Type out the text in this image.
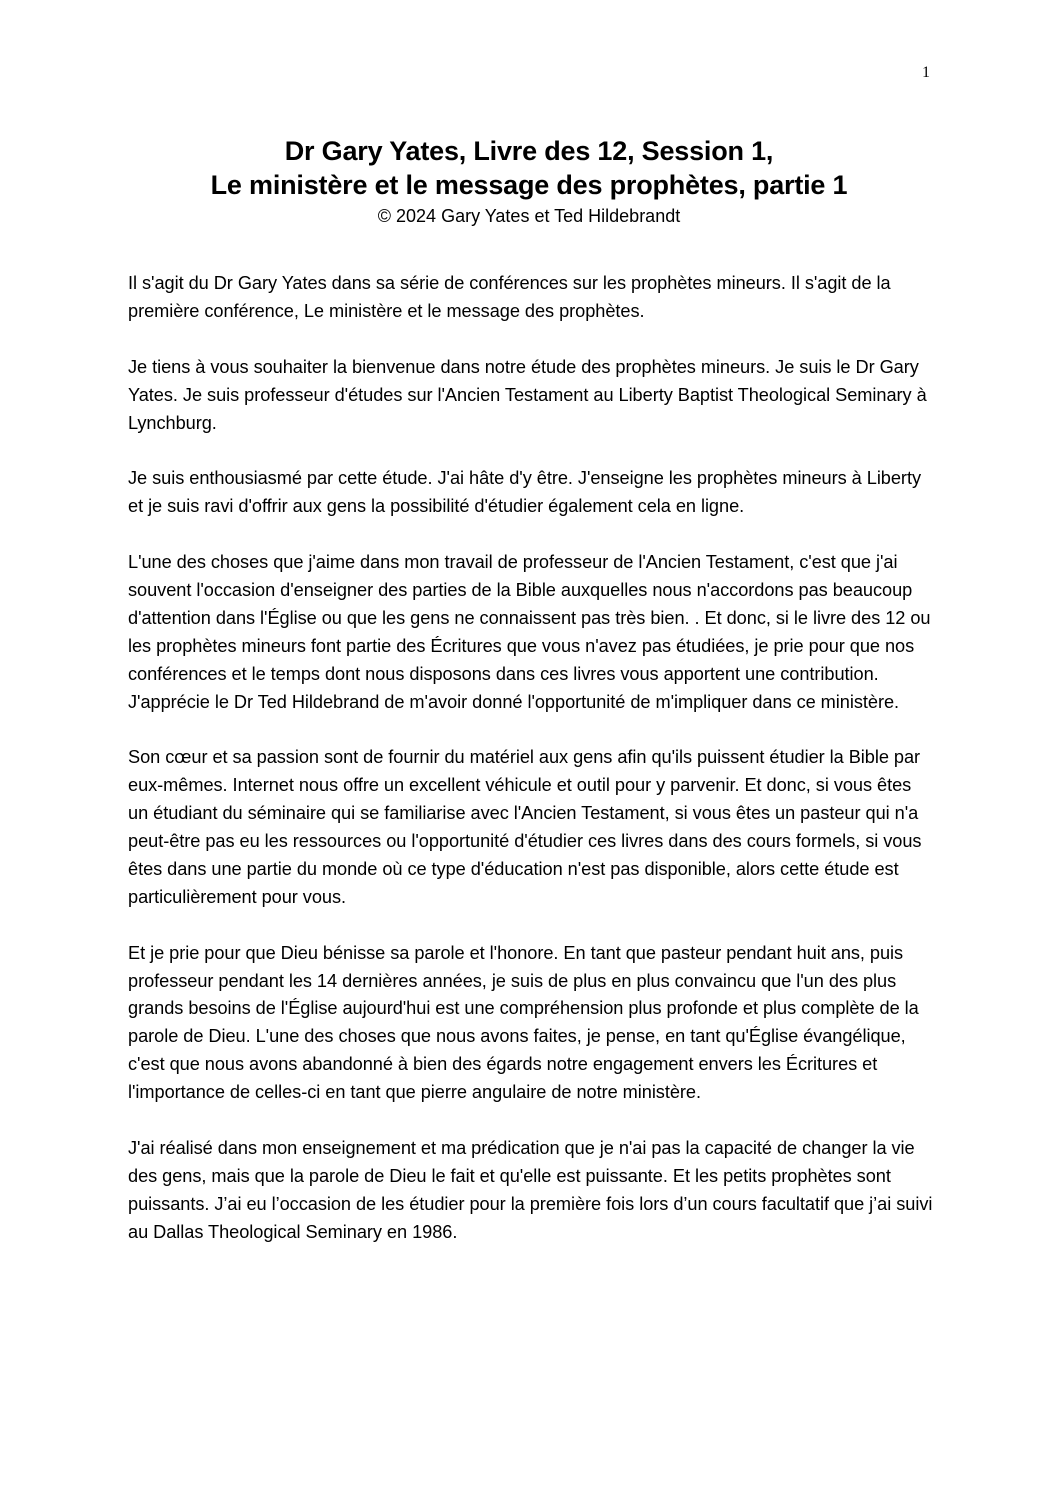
1
Dr Gary Yates, Livre des 12, Session 1,
Le ministère et le message des prophètes, partie 1
© 2024 Gary Yates et Ted Hildebrandt

Il s'agit du Dr Gary Yates dans sa série de conférences sur les prophètes mineurs. Il s'agit de la première conférence, Le ministère et le message des prophètes.

Je tiens à vous souhaiter la bienvenue dans notre étude des prophètes mineurs. Je suis le Dr Gary Yates. Je suis professeur d'études sur l'Ancien Testament au Liberty Baptist Theological Seminary à Lynchburg.

Je suis enthousiasmé par cette étude. J'ai hâte d'y être. J'enseigne les prophètes mineurs à Liberty et je suis ravi d'offrir aux gens la possibilité d'étudier également cela en ligne.

L'une des choses que j'aime dans mon travail de professeur de l'Ancien Testament, c'est que j'ai souvent l'occasion d'enseigner des parties de la Bible auxquelles nous n'accordons pas beaucoup d'attention dans l'Église ou que les gens ne connaissent pas très bien. . Et donc, si le livre des 12 ou les prophètes mineurs font partie des Écritures que vous n'avez pas étudiées, je prie pour que nos conférences et le temps dont nous disposons dans ces livres vous apportent une contribution. J'apprécie le Dr Ted Hildebrand de m'avoir donné l'opportunité de m'impliquer dans ce ministère.

Son cœur et sa passion sont de fournir du matériel aux gens afin qu'ils puissent étudier la Bible par eux-mêmes. Internet nous offre un excellent véhicule et outil pour y parvenir. Et donc, si vous êtes un étudiant du séminaire qui se familiarise avec l'Ancien Testament, si vous êtes un pasteur qui n'a peut-être pas eu les ressources ou l'opportunité d'étudier ces livres dans des cours formels, si vous êtes dans une partie du monde où ce type d'éducation n'est pas disponible, alors cette étude est particulièrement pour vous.

Et je prie pour que Dieu bénisse sa parole et l'honore. En tant que pasteur pendant huit ans, puis professeur pendant les 14 dernières années, je suis de plus en plus convaincu que l'un des plus grands besoins de l'Église aujourd'hui est une compréhension plus profonde et plus complète de la parole de Dieu. L'une des choses que nous avons faites, je pense, en tant qu'Église évangélique, c'est que nous avons abandonné à bien des égards notre engagement envers les Écritures et l'importance de celles-ci en tant que pierre angulaire de notre ministère.

J'ai réalisé dans mon enseignement et ma prédication que je n'ai pas la capacité de changer la vie des gens, mais que la parole de Dieu le fait et qu'elle est puissante. Et les petits prophètes sont puissants. J’ai eu l’occasion de les étudier pour la première fois lors d’un cours facultatif que j’ai suivi au Dallas Theological Seminary en 1986.
